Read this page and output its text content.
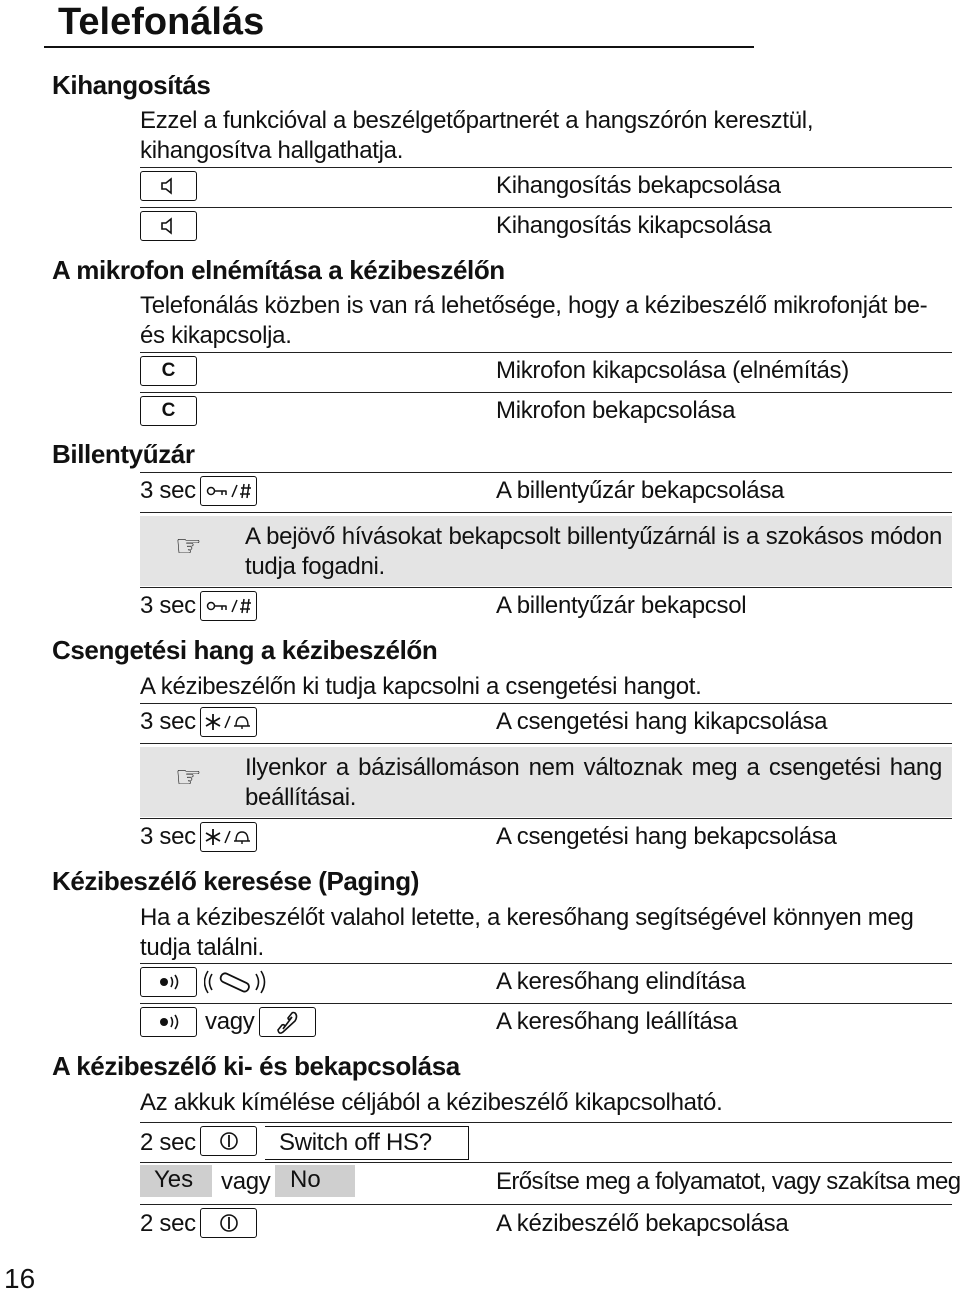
Telefonálás
Kihangosítás
Ezzel a funkcióval a beszélgetőpartnerét a hangszórón keresztül, kihangosítva hallgathatja.
Kihangosítás bekapcsolása
Kihangosítás kikapcsolása
A mikrofon elnémítása a kézibeszélőn
Telefonálás közben is van rá lehetősége, hogy a kézibeszélő mikrofonját be- és kikapcsolja.
C	Mikrofon kikapcsolása (elnémítás)
C	Mikrofon bekapcsolása
Billentyűzár
3 sec	A billentyűzár bekapcsolása
☞ A bejövő hívásokat bekapcsolt billentyűzárnál is a szokásos módon tudja fogadni.
3 sec	A billentyűzár bekapcsol
Csengetési hang a kézibeszélőn
A kézibeszélőn ki tudja kapcsolni a csengetési hangot.
3 sec	A csengetési hang kikapcsolása
☞ Ilyenkor a bázisállomáson nem változnak meg a csengetési hang beállításai.
3 sec	A csengetési hang bekapcsolása
Kézibeszélő keresése (Paging)
Ha a kézibeszélőt valahol letette, a keresőhang segítségével könnyen meg tudja találni.
A keresőhang elindítása
vagy	A keresőhang leállítása
A kézibeszélő ki- és bekapcsolása
Az akkuk kímélése céljából a kézibeszélő kikapcsolható.
2 sec	Switch off HS?
Yes	vagy No	Erősítse meg a folyamatot, vagy szakítsa meg
2 sec	A kézibeszélő bekapcsolása
16
